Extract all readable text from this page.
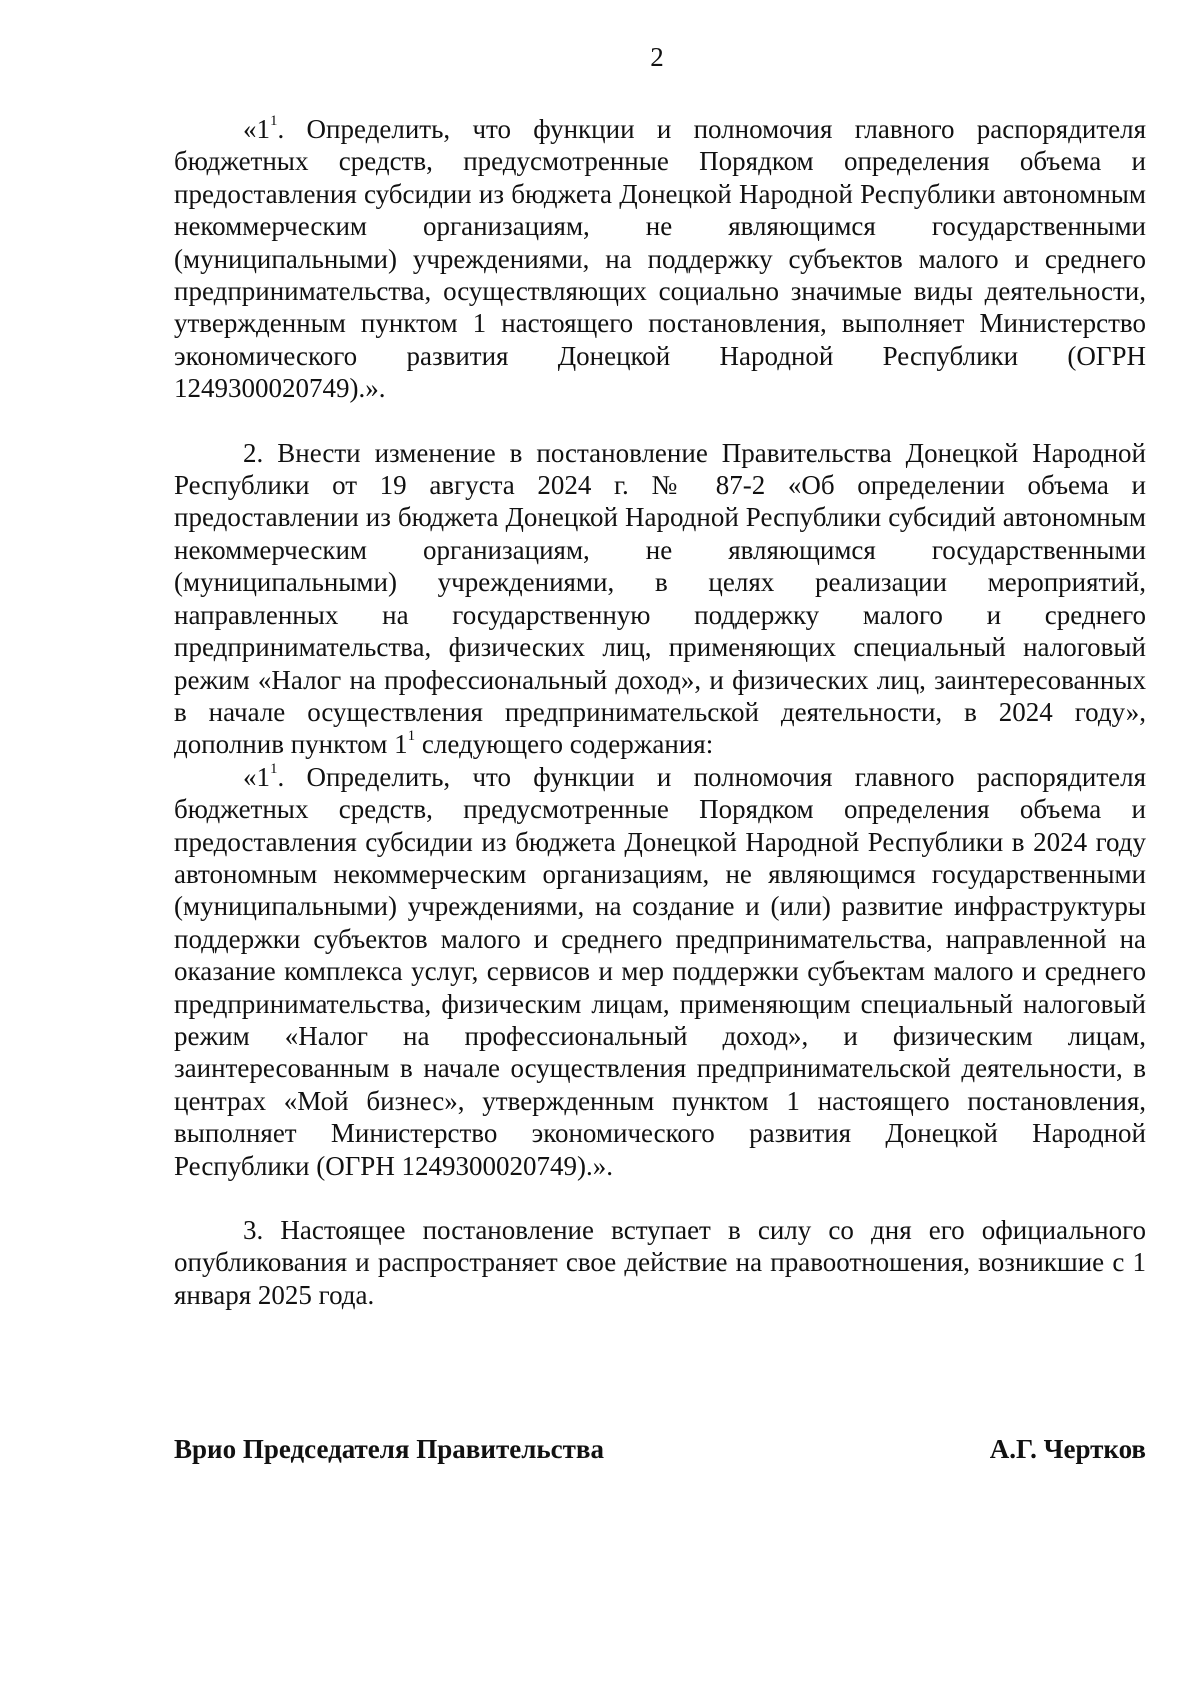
2

«$1^1$. Определить, что функции и полномочия главного распорядителя бюджетных средств, предусмотренные Порядком определения объема и предоставления субсидии из бюджета Донецкой Народной Республики автономным некоммерческим организациям, не являющимся государственными (муниципальными) учреждениями, на поддержку субъектов малого и среднего предпринимательства, осуществляющих социально значимые виды деятельности, утвержденным пунктом 1 настоящего постановления, выполняет Министерство экономического развития Донецкой Народной Республики (ОГРН 1249300020749).».

2. Внести изменение в постановление Правительства Донецкой Народной Республики от 19 августа 2024 г. № 87-2 «Об определении объема и предоставлении из бюджета Донецкой Народной Республики субсидий автономным некоммерческим организациям, не являющимся государственными (муниципальными) учреждениями, в целях реализации мероприятий, направленных на государственную поддержку малого и среднего предпринимательства, физических лиц, применяющих специальный налоговый режим «Налог на профессиональный доход», и физических лиц, заинтересованных в начале осуществления предпринимательской деятельности, в 2024 году», дополнив пунктом $1^1$ следующего содержания:

«$1^1$. Определить, что функции и полномочия главного распорядителя бюджетных средств, предусмотренные Порядком определения объема и предоставления субсидии из бюджета Донецкой Народной Республики в 2024 году автономным некоммерческим организациям, не являющимся государственными (муниципальными) учреждениями, на создание и (или) развитие инфраструктуры поддержки субъектов малого и среднего предпринимательства, направленной на оказание комплекса услуг, сервисов и мер поддержки субъектам малого и среднего предпринимательства, физическим лицам, применяющим специальный налоговый режим «Налог на профессиональный доход», и физическим лицам, заинтересованным в начале осуществления предпринимательской деятельности, в центрах «Мой бизнес», утвержденным пунктом 1 настоящего постановления, выполняет Министерство экономического развития Донецкой Народной Республики (ОГРН 1249300020749).».

3. Настоящее постановление вступает в силу со дня его официального опубликования и распространяет свое действие на правоотношения, возникшие с 1 января 2025 года.

Врио Председателя Правительства	А.Г. Чертков
